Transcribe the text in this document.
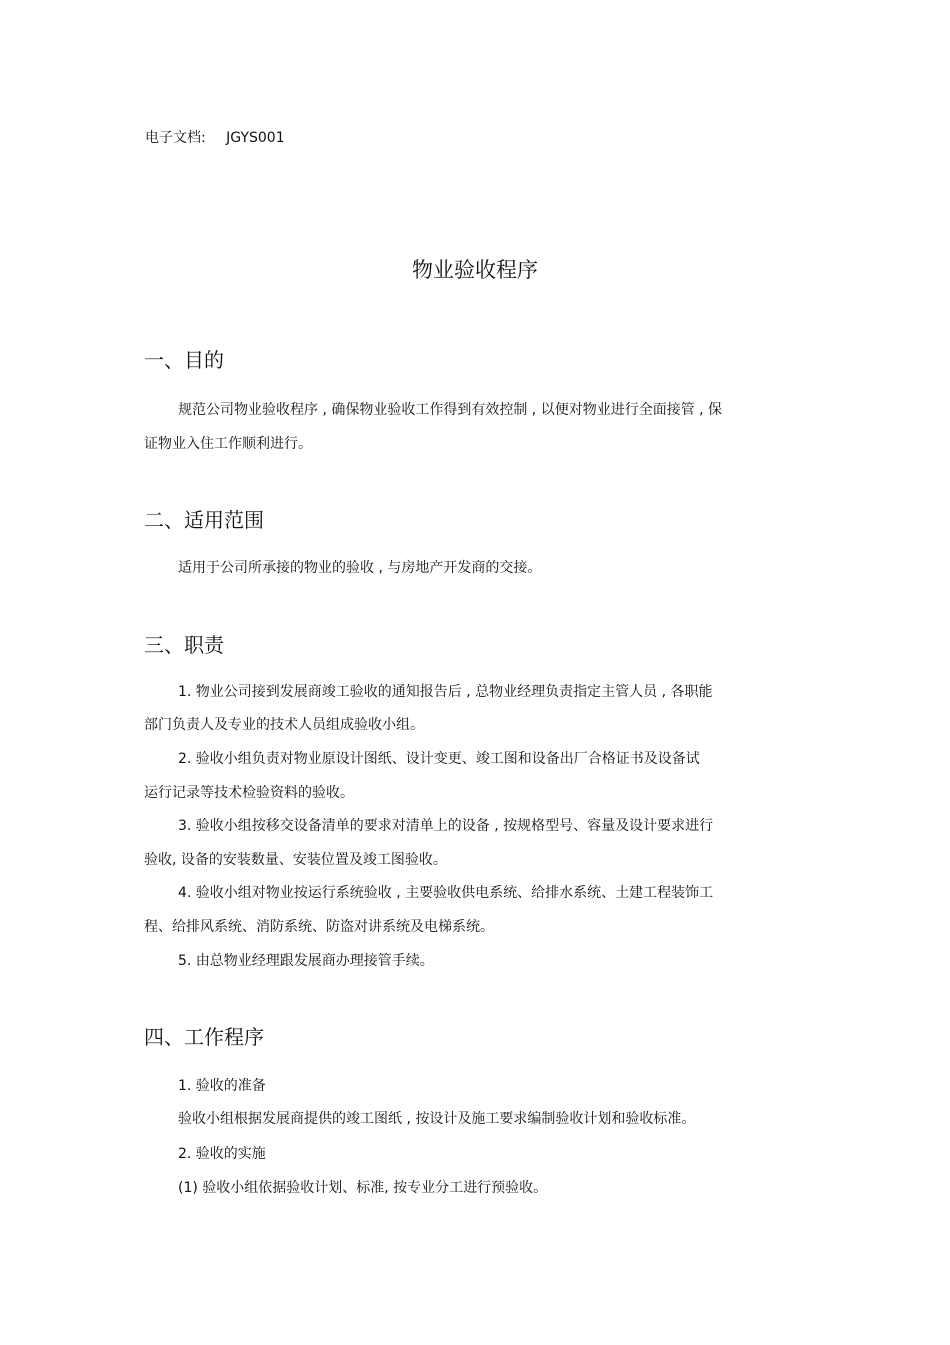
电子文档: JGYS001
物业验收程序
一、目的
规范公司物业验收程序 , 确保物业验收工作得到有效控制 , 以便对物业进行全面接管 , 保
证物业入住工作顺利进行。
二、适用范围
适用于公司所承接的物业的验收 , 与房地产开发商的交接。
三、职责
1. 物业公司接到发展商竣工验收的通知报告后 , 总物业经理负责指定主管人员 , 各职能
部门负责人及专业的技术人员组成验收小组。
2. 验收小组负责对物业原设计图纸、设计变更、竣工图和设备出厂合格证书及设备试
运行记录等技术检验资料的验收。
3. 验收小组按移交设备清单的要求对清单上的设备 , 按规格型号、容量及设计要求进行
验收, 设备的安装数量、安装位置及竣工图验收。
4. 验收小组对物业按运行系统验收 , 主要验收供电系统、给排水系统、土建工程装饰工
程、给排风系统、消防系统、防盗对讲系统及电梯系统。
5. 由总物业经理跟发展商办理接管手续。
四、工作程序
1. 验收的准备
验收小组根据发展商提供的竣工图纸 , 按设计及施工要求编制验收计划和验收标准。
2. 验收的实施
(1) 验收小组依据验收计划、标准, 按专业分工进行预验收。
